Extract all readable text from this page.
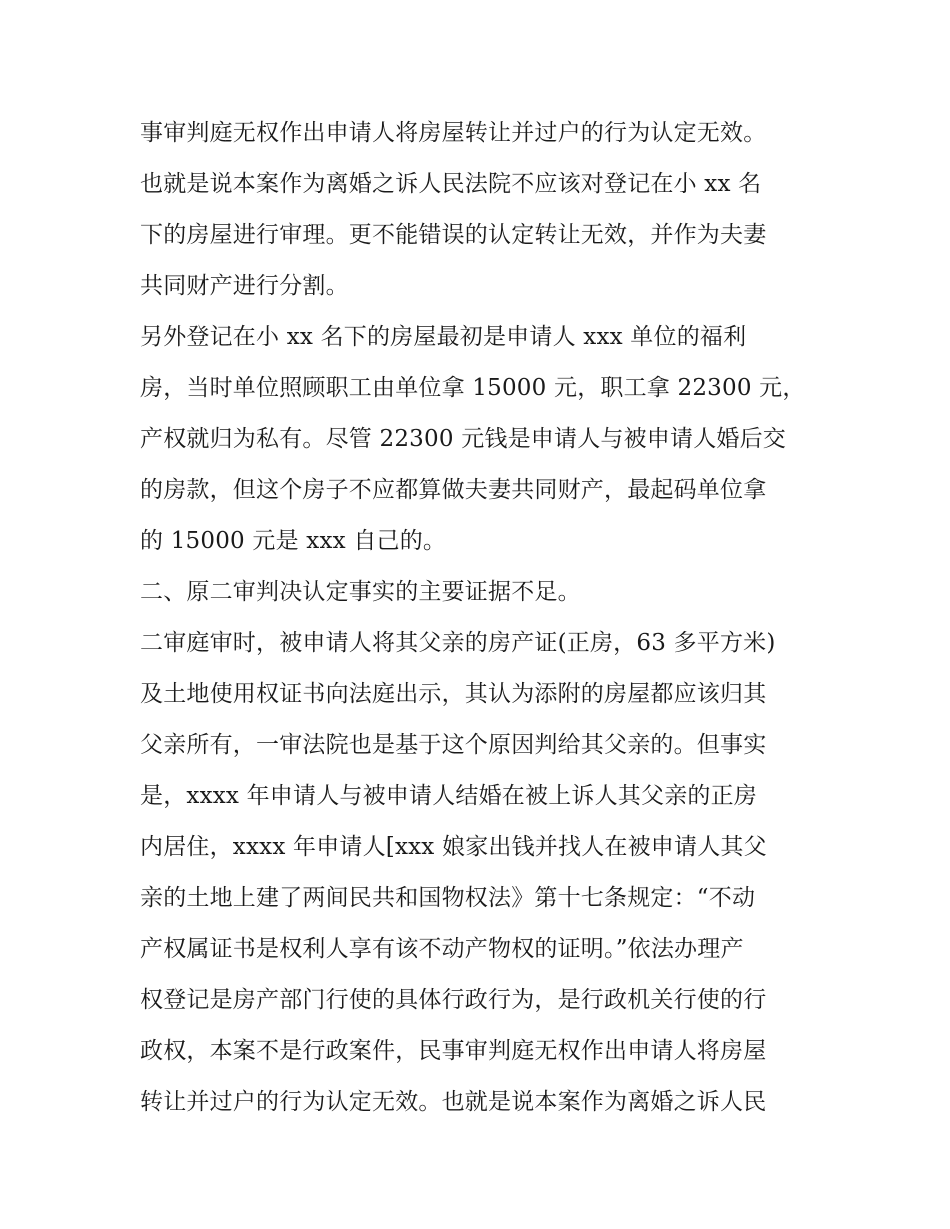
事审判庭无权作出申请人将房屋转让并过户的行为认定无效。
也就是说本案作为离婚之诉人民法院不应该对登记在小 xx 名
下的房屋进行审理。更不能错误的认定转让无效，并作为夫妻
共同财产进行分割。
另外登记在小 xx 名下的房屋最初是申请人 xxx 单位的福利
房，当时单位照顾职工由单位拿 15000 元，职工拿 22300 元，
产权就归为私有。尽管 22300 元钱是申请人与被申请人婚后交
的房款，但这个房子不应都算做夫妻共同财产，最起码单位拿
的 15000 元是 xxx 自己的。
二、原二审判决认定事实的主要证据不足。
二审庭审时，被申请人将其父亲的房产证(正房，63 多平方米)
及土地使用权证书向法庭出示，其认为添附的房屋都应该归其
父亲所有，一审法院也是基于这个原因判给其父亲的。但事实
是，xxxx 年申请人与被申请人结婚在被上诉人其父亲的正房
内居住，xxxx 年申请人[xxx 娘家出钱并找人在被申请人其父
亲的土地上建了两间民共和国物权法》第十七条规定：“不动
产权属证书是权利人享有该不动产物权的证明。”依法办理产
权登记是房产部门行使的具体行政行为，是行政机关行使的行
政权，本案不是行政案件，民事审判庭无权作出申请人将房屋
转让并过户的行为认定无效。也就是说本案作为离婚之诉人民
